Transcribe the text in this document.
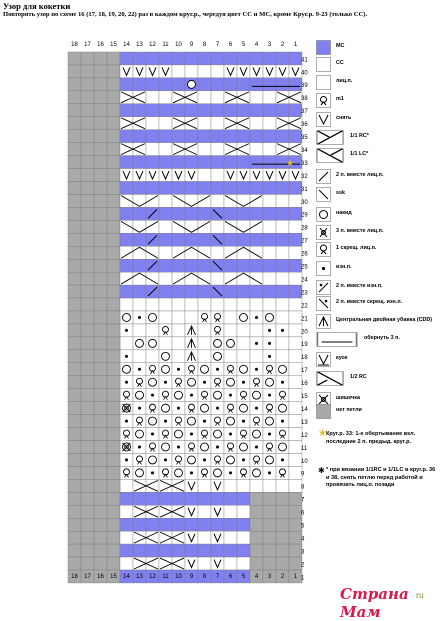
Узор для кокетки
Повторять узор по схеме 16 (17, 18, 19, 20, 22) раз в каждом круг.р., чередуя цвет СС и МС, кроме Круг.р. 9-23 (только СС).
18
18
17
17
16
16
15
15
14
14
13
13
12
12
11
11
10
10
9
9
8
8
7
7
6
6
5
5
4
4
3
3
2
2
1
1
41
40
39
38
37
36
35
34
33
32
31
30
29
28
27
26
25
24
23
22
21
20
19
18
17
16
15
14
13
12
11
10
9
8
7
6
5
4
3
2
1
★
МС
СС
лиц.п.
m1
снять
1/1 RC*
1/1 LC*
2 п. вместе лиц.п.
ssk
накид
3 п. вместе лиц.п.
1 скрещ. лиц.п.
изн.п.
2 п. вместе изн.п.
2 п. вместе скрещ. изн.п.
Центральная двойная убавка (CDD)
обернуть 3 п.
куок
1/2 RC
шишечка
нет петли
★ Круг.р. 33: 1-е обертывание вкл. последние 2 п. предыд. круг.р.
✱ * при вязании 1/1RC и 1/1LC в круг.р. 36 и 38, снять петлю перед работой и провязать лиц.п. позади
Страна Мам
ru
